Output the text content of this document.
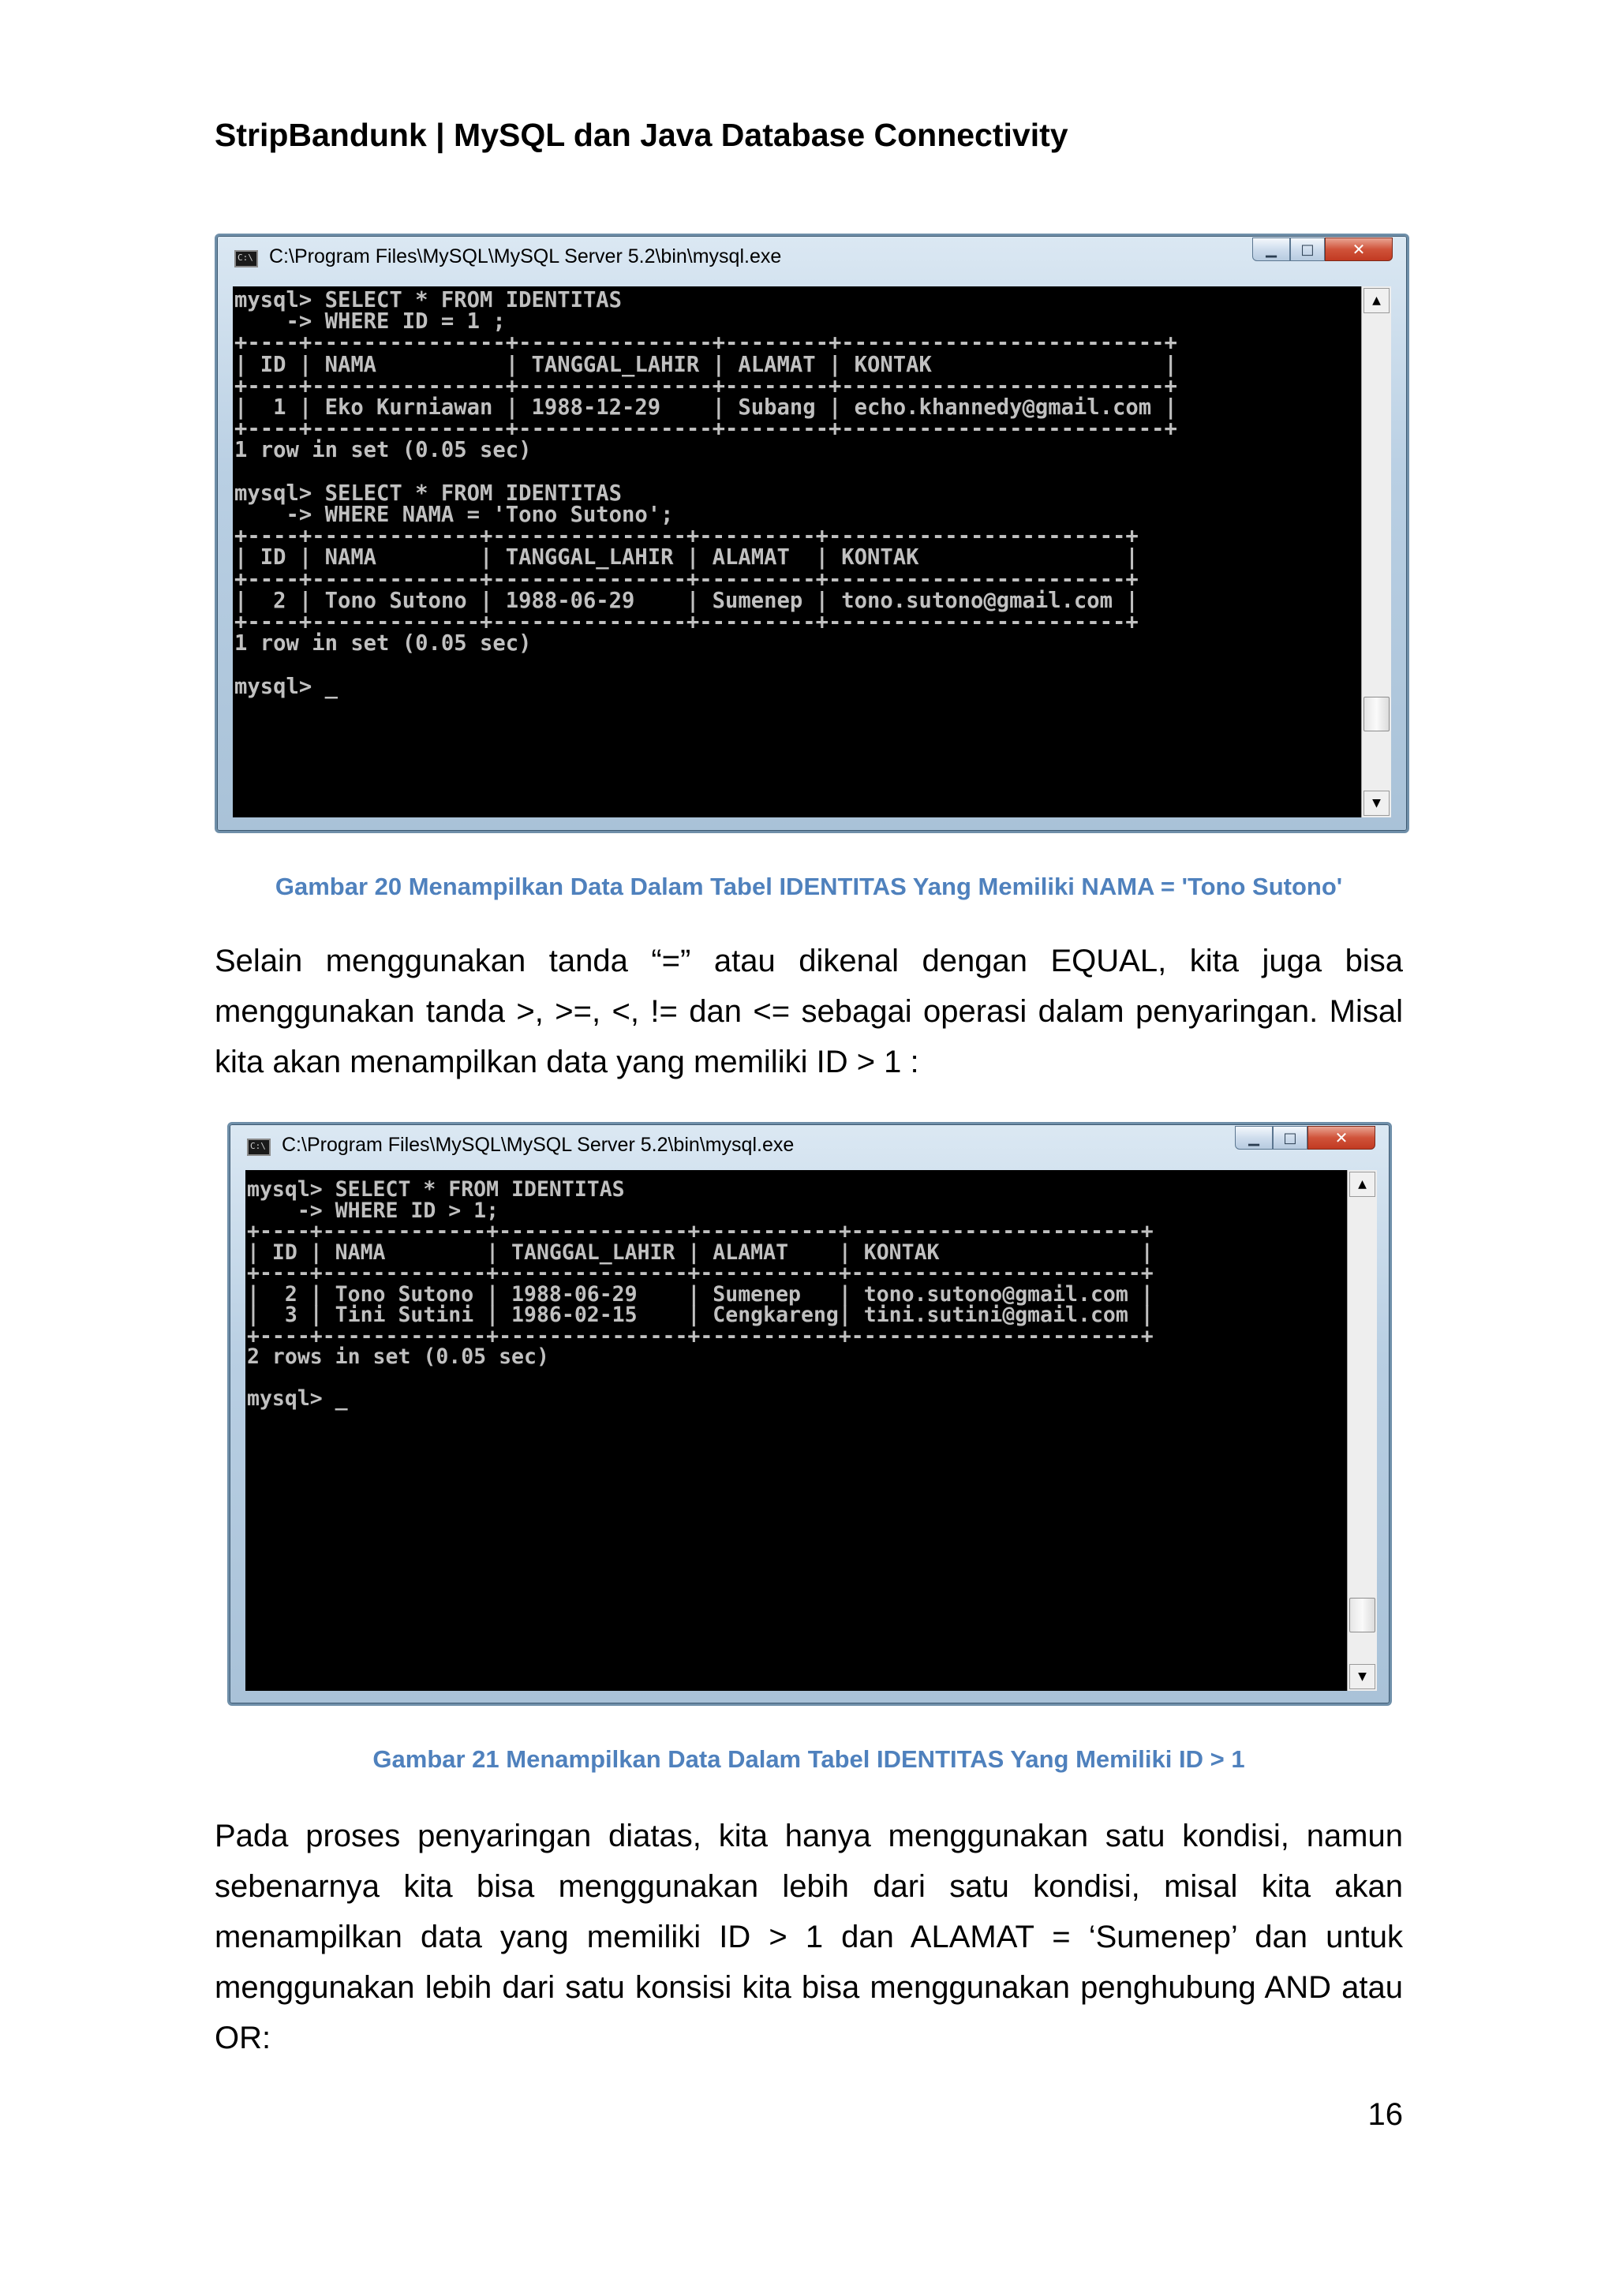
StripBandunk | MySQL dan Java Database Connectivity
C:\ C:\Program Files\MySQL\MySQL Server 5.2\bin\mysql.exe	▁ □ ✕
mysql> SELECT * FROM IDENTITAS
-> WHERE ID = 1 ;
+----+---------------+---------------+--------+-------------------------+
| ID | NAMA          | TANGGAL_LAHIR | ALAMAT | KONTAK                  |
+----+---------------+---------------+--------+-------------------------+
|  1 | Eko Kurniawan | 1988-12-29    | Subang | echo.khannedy@gmail.com |
+----+---------------+---------------+--------+-------------------------+
1 row in set (0.05 sec)

mysql> SELECT * FROM IDENTITAS
-> WHERE NAMA = 'Tono Sutono';
+----+-------------+---------------+---------+-----------------------+
| ID | NAMA        | TANGGAL_LAHIR | ALAMAT  | KONTAK                |
+----+-------------+---------------+---------+-----------------------+
|  2 | Tono Sutono | 1988-06-29    | Sumenep | tono.sutono@gmail.com |
+----+-------------+---------------+---------+-----------------------+
1 row in set (0.05 sec)

mysql> _
▲
▼
Gambar 20 Menampilkan Data Dalam Tabel IDENTITAS Yang Memiliki NAMA = 'Tono Sutono'

Selain menggunakan tanda “=” atau dikenal dengan EQUAL, kita juga bisa menggunakan tanda >, >=, <, != dan <= sebagai operasi dalam penyaringan. Misal kita akan menampilkan data yang memiliki ID > 1 :

C:\ C:\Program Files\MySQL\MySQL Server 5.2\bin\mysql.exe	▁ □ ✕
mysql> SELECT * FROM IDENTITAS
-> WHERE ID > 1;
+----+-------------+---------------+-----------+-----------------------+
| ID | NAMA        | TANGGAL_LAHIR | ALAMAT    | KONTAK                |
+----+-------------+---------------+-----------+-----------------------+
|  2 | Tono Sutono | 1988-06-29    | Sumenep   | tono.sutono@gmail.com |
|  3 | Tini Sutini | 1986-02-15    | Cengkareng| tini.sutini@gmail.com |
+----+-------------+---------------+-----------+-----------------------+
2 rows in set (0.05 sec)

mysql> _
▲
▼
Gambar 21 Menampilkan Data Dalam Tabel IDENTITAS Yang Memiliki ID > 1

Pada proses penyaringan diatas, kita hanya menggunakan satu kondisi, namun sebenarnya kita bisa menggunakan lebih dari satu kondisi, misal kita akan menampilkan data yang memiliki ID > 1 dan ALAMAT = ‘Sumenep’ dan untuk menggunakan lebih dari satu konsisi kita bisa menggunakan penghubung AND atau OR:

16
